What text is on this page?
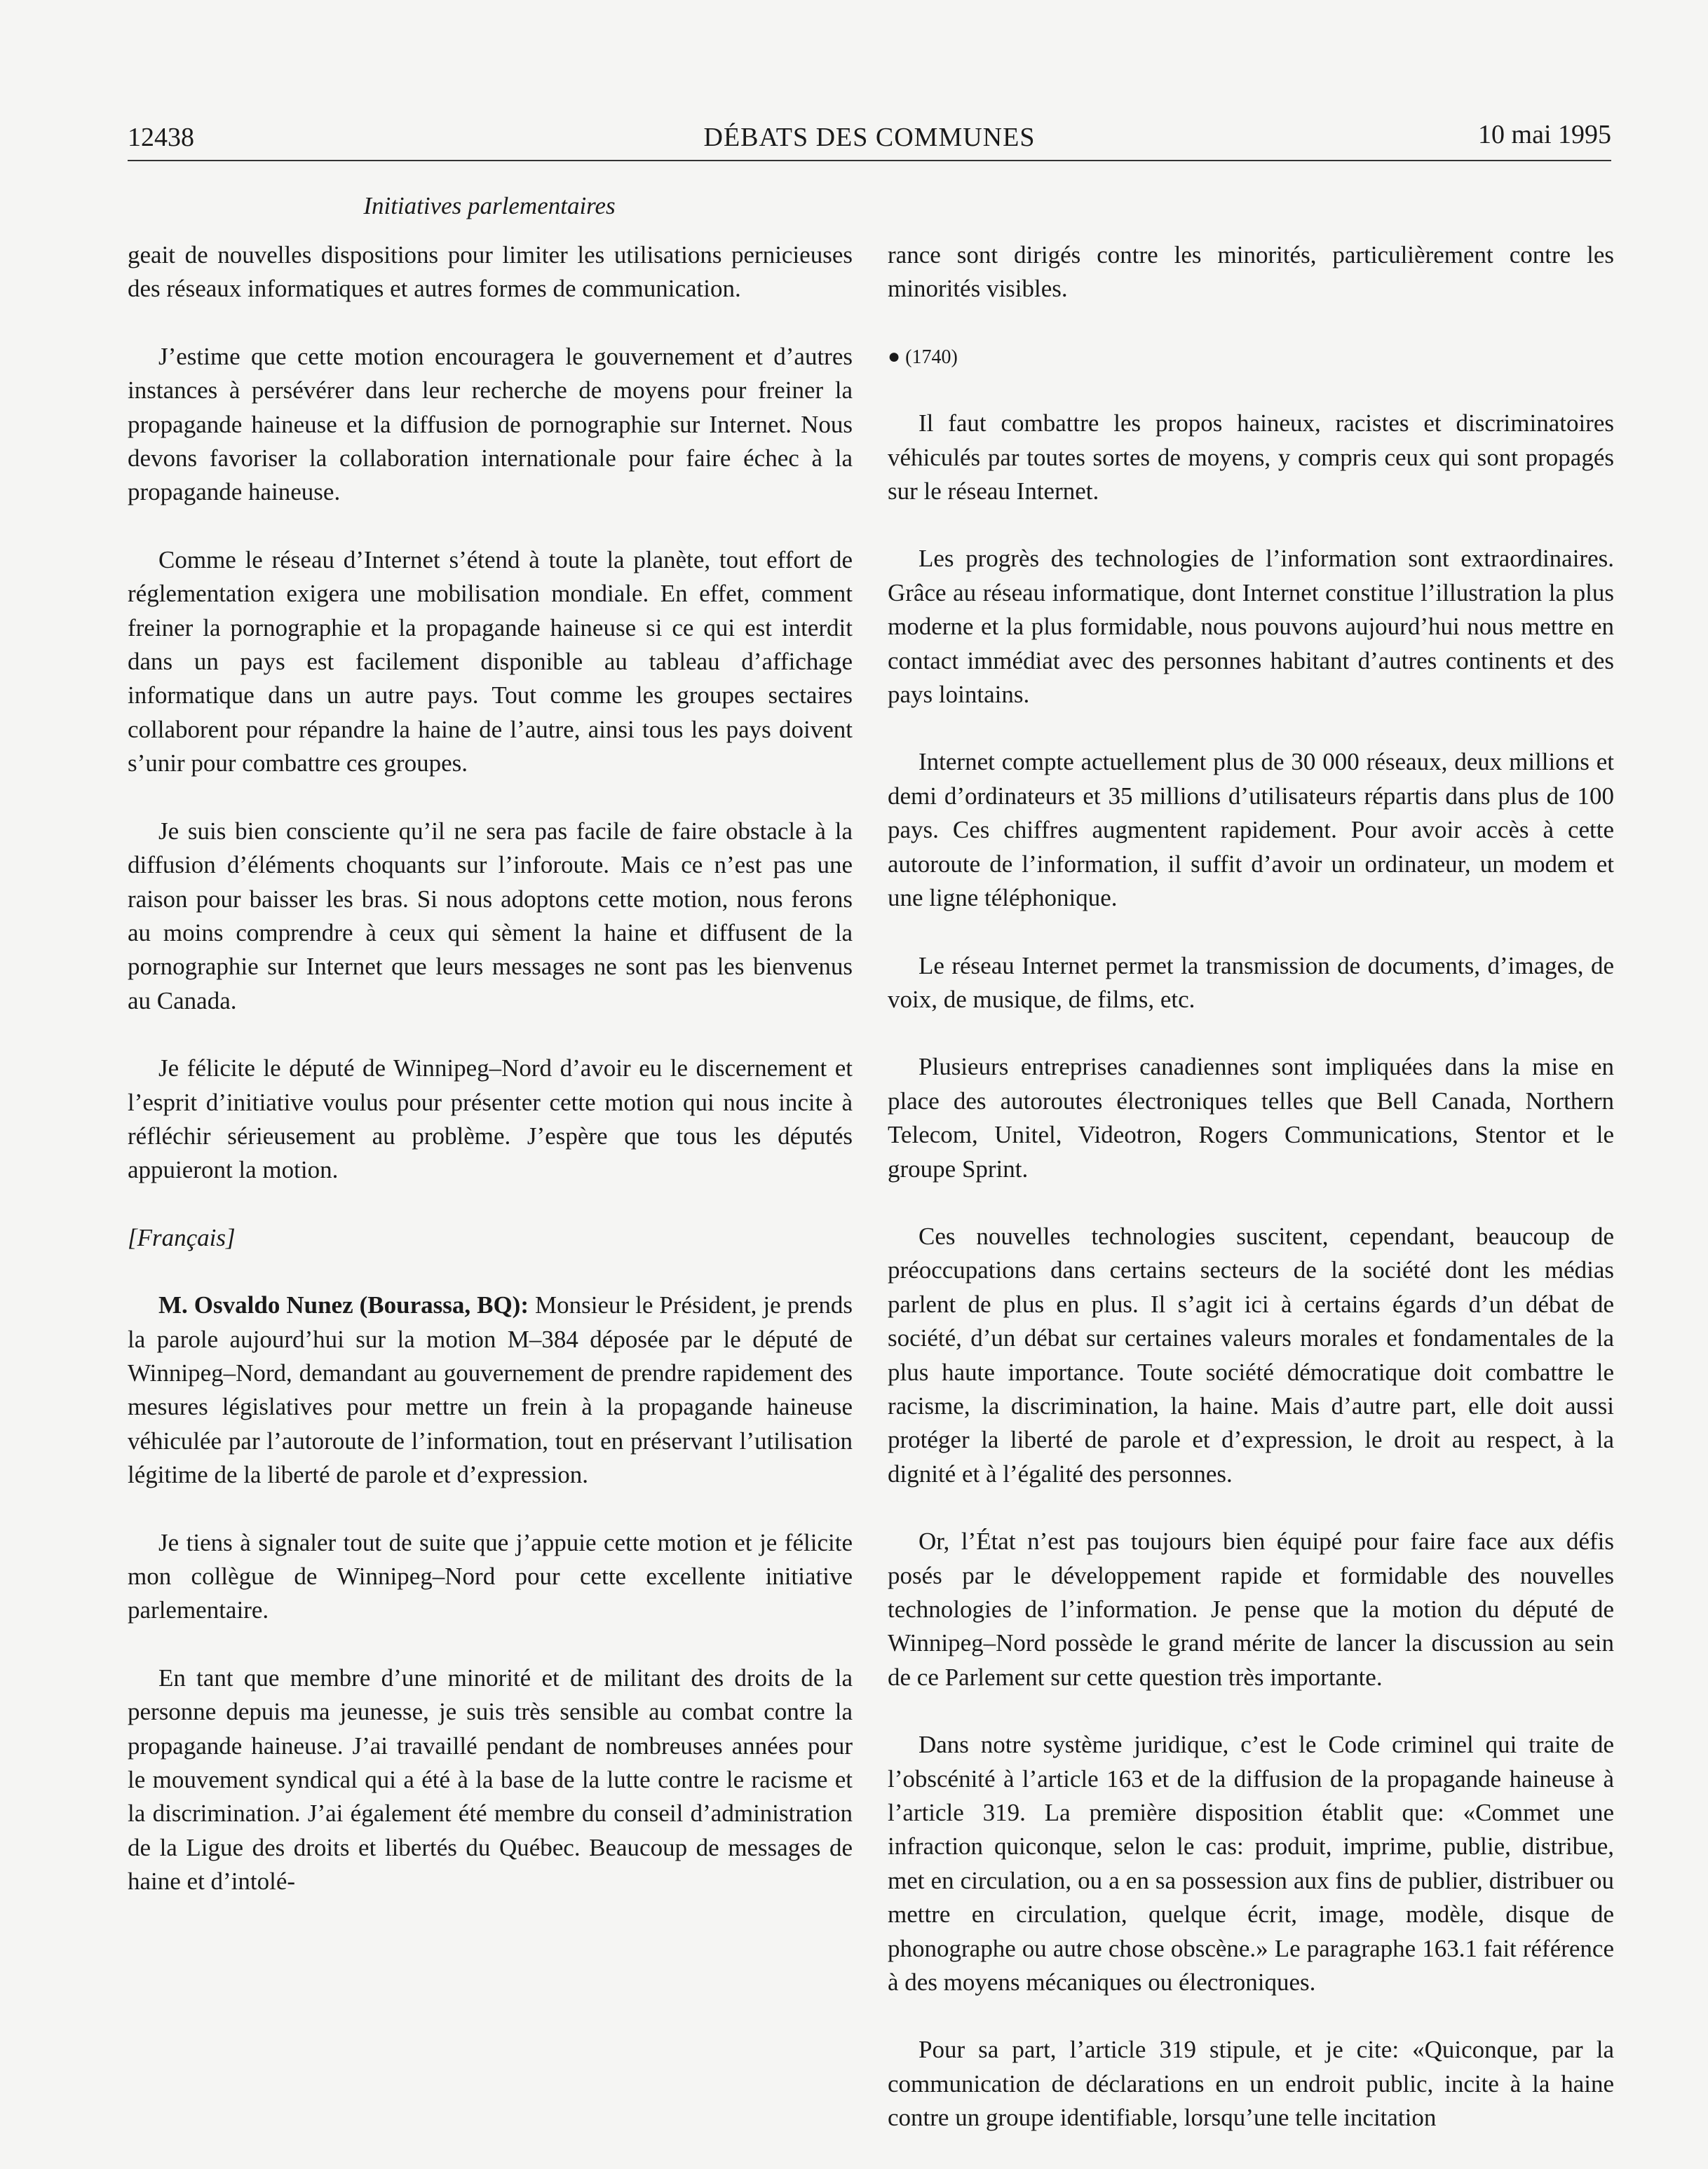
12438	DÉBATS DES COMMUNES	10 mai 1995
Initiatives parlementaires

geait de nouvelles dispositions pour limiter les utilisations pernicieuses des réseaux informatiques et autres formes de communication.

J’estime que cette motion encouragera le gouvernement et d’autres instances à persévérer dans leur recherche de moyens pour freiner la propagande haineuse et la diffusion de pornographie sur Internet. Nous devons favoriser la collaboration internationale pour faire échec à la propagande haineuse.

Comme le réseau d’Internet s’étend à toute la planète, tout effort de réglementation exigera une mobilisation mondiale. En effet, comment freiner la pornographie et la propagande haineuse si ce qui est interdit dans un pays est facilement disponible au tableau d’affichage informatique dans un autre pays. Tout comme les groupes sectaires collaborent pour répandre la haine de l’autre, ainsi tous les pays doivent s’unir pour combattre ces groupes.

Je suis bien consciente qu’il ne sera pas facile de faire obstacle à la diffusion d’éléments choquants sur l’inforoute. Mais ce n’est pas une raison pour baisser les bras. Si nous adoptons cette motion, nous ferons au moins comprendre à ceux qui sèment la haine et diffusent de la pornographie sur Internet que leurs messages ne sont pas les bienvenus au Canada.

Je félicite le député de Winnipeg–Nord d’avoir eu le discernement et l’esprit d’initiative voulus pour présenter cette motion qui nous incite à réfléchir sérieusement au problème. J’espère que tous les députés appuieront la motion.

[Français]

M. Osvaldo Nunez (Bourassa, BQ): Monsieur le Président, je prends la parole aujourd’hui sur la motion M–384 déposée par le député de Winnipeg–Nord, demandant au gouvernement de prendre rapidement des mesures législatives pour mettre un frein à la propagande haineuse véhiculée par l’autoroute de l’information, tout en préservant l’utilisation légitime de la liberté de parole et d’expression.

Je tiens à signaler tout de suite que j’appuie cette motion et je félicite mon collègue de Winnipeg–Nord pour cette excellente initiative parlementaire.

En tant que membre d’une minorité et de militant des droits de la personne depuis ma jeunesse, je suis très sensible au combat contre la propagande haineuse. J’ai travaillé pendant de nombreuses années pour le mouvement syndical qui a été à la base de la lutte contre le racisme et la discrimination. J’ai également été membre du conseil d’administration de la Ligue des droits et libertés du Québec. Beaucoup de messages de haine et d’intolé-

rance sont dirigés contre les minorités, particulièrement contre les minorités visibles.

● (1740)

Il faut combattre les propos haineux, racistes et discriminatoires véhiculés par toutes sortes de moyens, y compris ceux qui sont propagés sur le réseau Internet.

Les progrès des technologies de l’information sont extraordinaires. Grâce au réseau informatique, dont Internet constitue l’illustration la plus moderne et la plus formidable, nous pouvons aujourd’hui nous mettre en contact immédiat avec des personnes habitant d’autres continents et des pays lointains.

Internet compte actuellement plus de 30 000 réseaux, deux millions et demi d’ordinateurs et 35 millions d’utilisateurs répartis dans plus de 100 pays. Ces chiffres augmentent rapidement. Pour avoir accès à cette autoroute de l’information, il suffit d’avoir un ordinateur, un modem et une ligne téléphonique.

Le réseau Internet permet la transmission de documents, d’images, de voix, de musique, de films, etc.

Plusieurs entreprises canadiennes sont impliquées dans la mise en place des autoroutes électroniques telles que Bell Canada, Northern Telecom, Unitel, Videotron, Rogers Communications, Stentor et le groupe Sprint.

Ces nouvelles technologies suscitent, cependant, beaucoup de préoccupations dans certains secteurs de la société dont les médias parlent de plus en plus. Il s’agit ici à certains égards d’un débat de société, d’un débat sur certaines valeurs morales et fondamentales de la plus haute importance. Toute société démocratique doit combattre le racisme, la discrimination, la haine. Mais d’autre part, elle doit aussi protéger la liberté de parole et d’expression, le droit au respect, à la dignité et à l’égalité des personnes.

Or, l’État n’est pas toujours bien équipé pour faire face aux défis posés par le développement rapide et formidable des nouvelles technologies de l’information. Je pense que la motion du député de Winnipeg–Nord possède le grand mérite de lancer la discussion au sein de ce Parlement sur cette question très importante.

Dans notre système juridique, c’est le Code criminel qui traite de l’obscénité à l’article 163 et de la diffusion de la propagande haineuse à l’article 319. La première disposition établit que: «Commet une infraction quiconque, selon le cas: produit, imprime, publie, distribue, met en circulation, ou a en sa possession aux fins de publier, distribuer ou mettre en circulation, quelque écrit, image, modèle, disque de phonographe ou autre chose obscène.» Le paragraphe 163.1 fait référence à des moyens mécaniques ou électroniques.

Pour sa part, l’article 319 stipule, et je cite: «Quiconque, par la communication de déclarations en un endroit public, incite à la haine contre un groupe identifiable, lorsqu’une telle incitation
